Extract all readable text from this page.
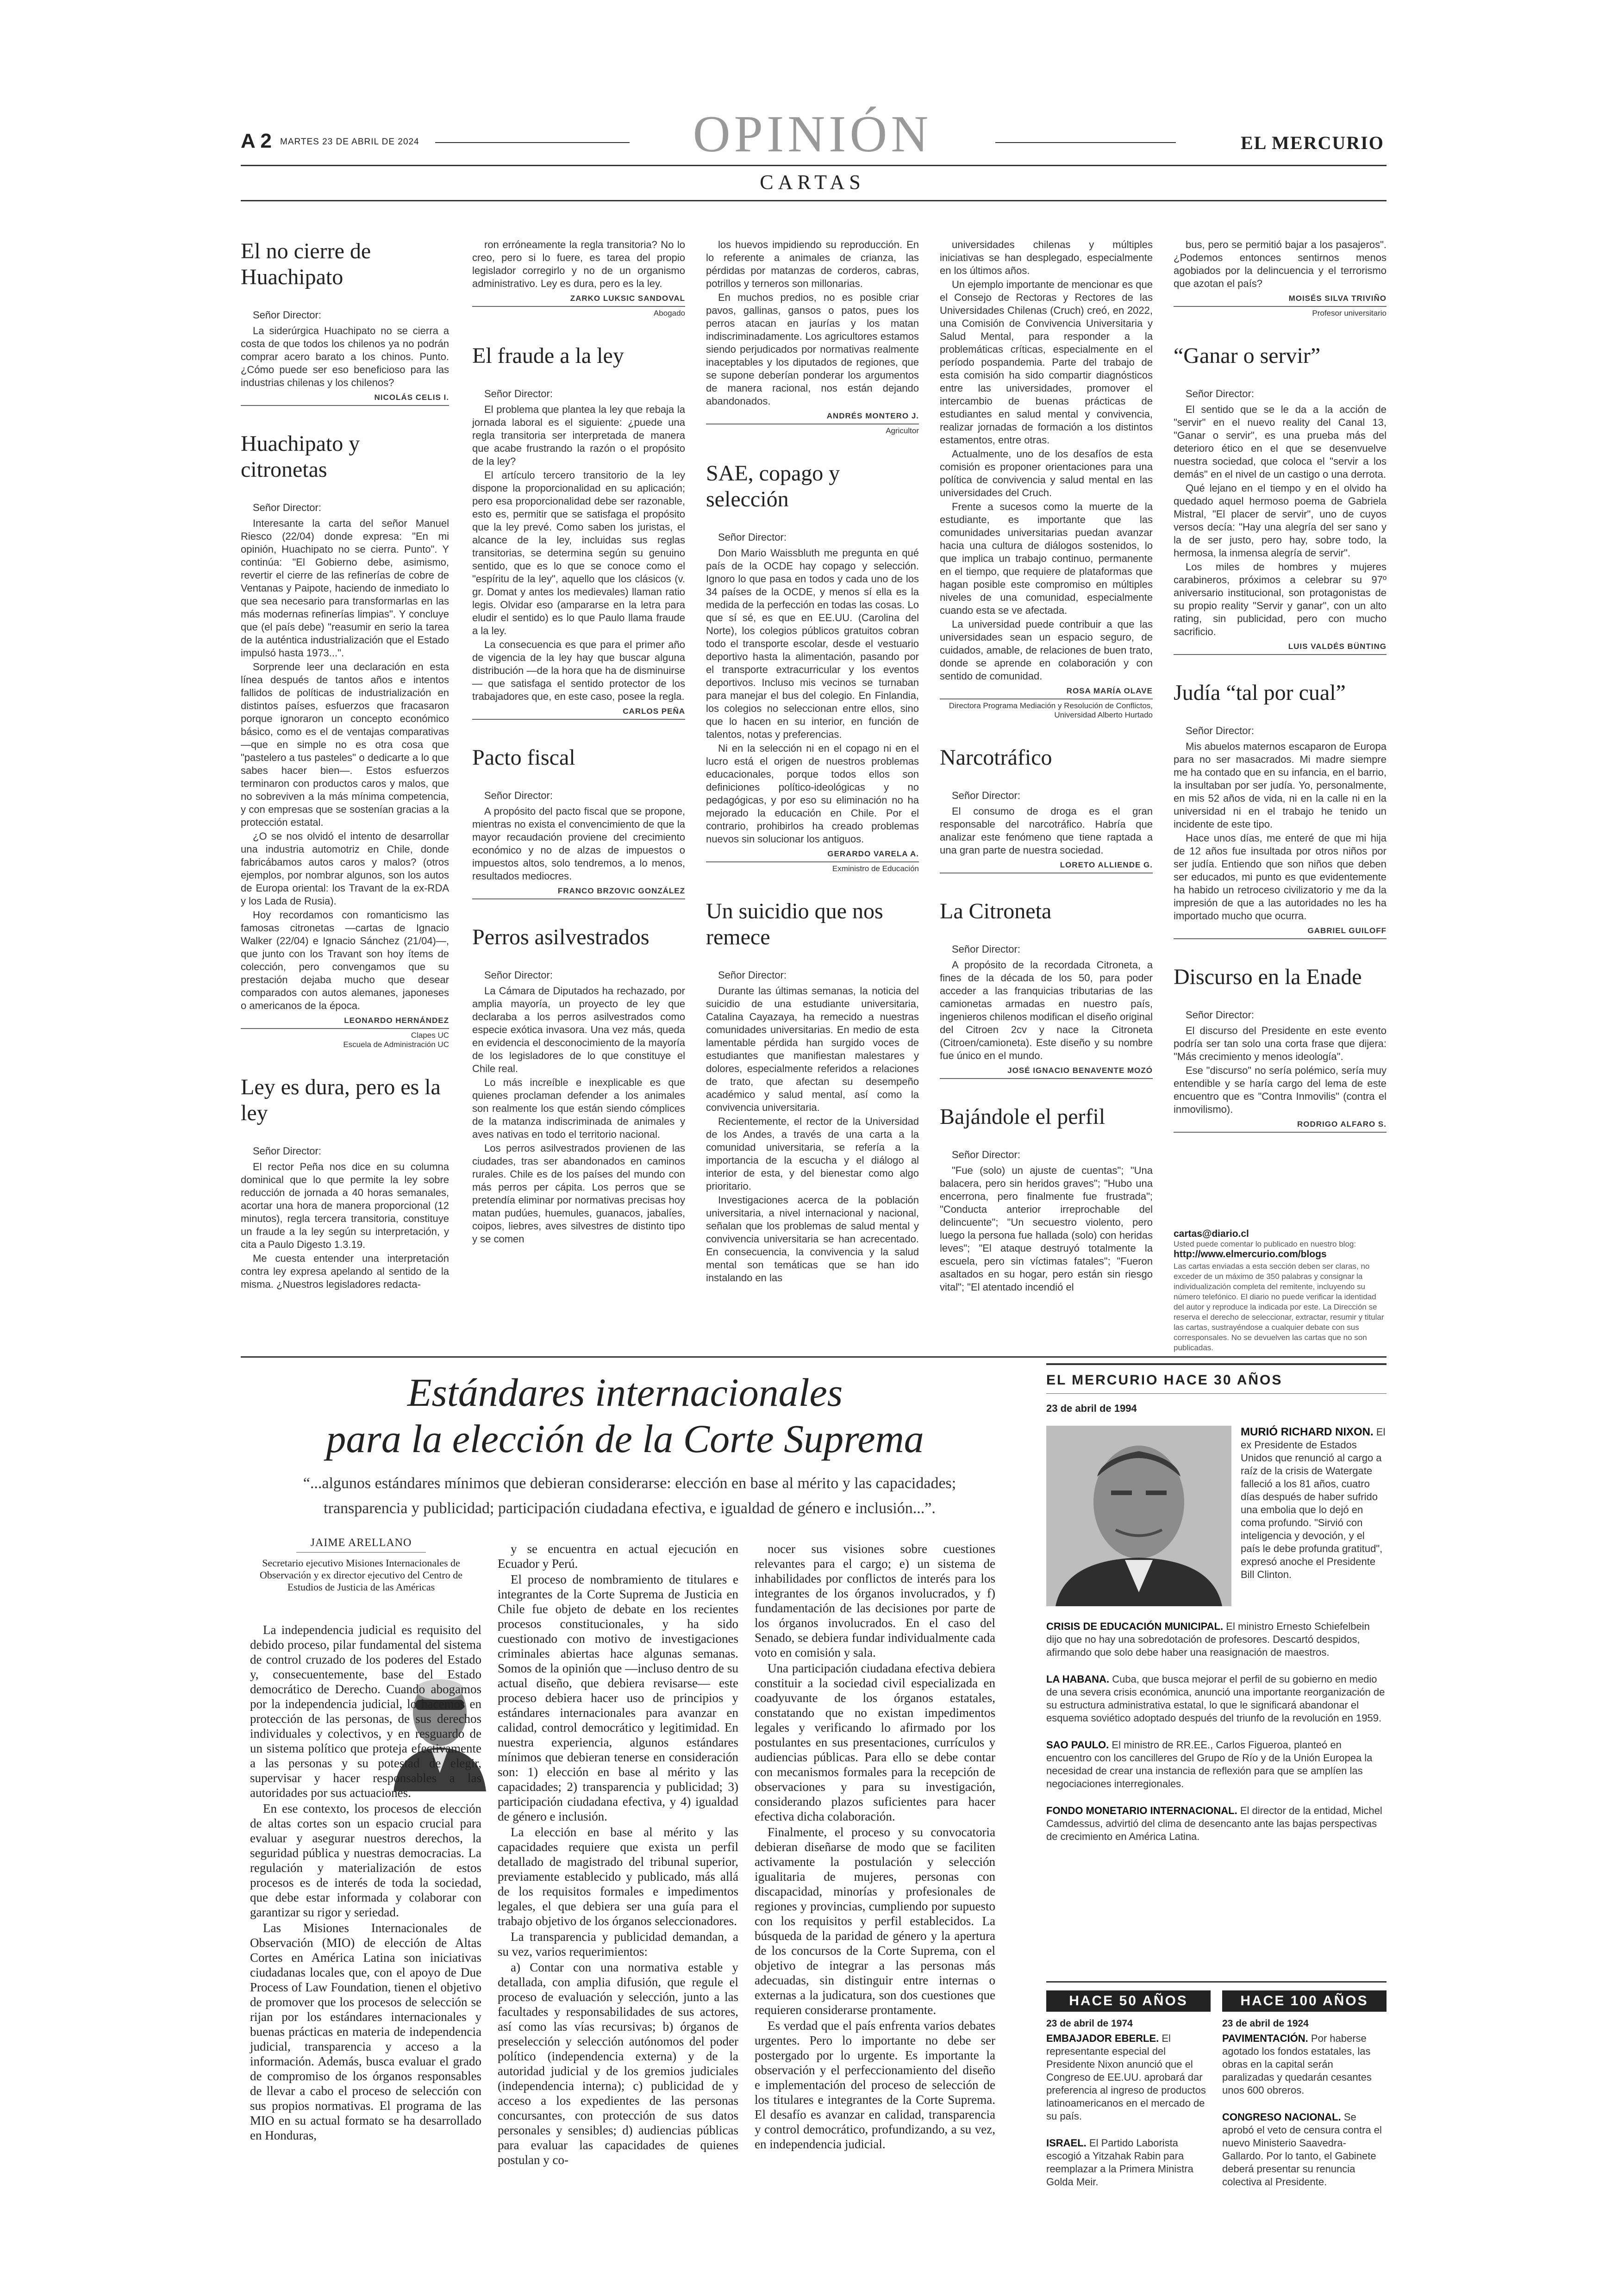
A 2 MARTES 23 DE ABRIL DE 2024	OPINIÓN	EL MERCURIO
CARTAS
El no cierre de Huachipato
Señor Director:

La siderúrgica Huachipato no se cierra a costa de que todos los chilenos ya no podrán comprar acero barato a los chinos. Punto. ¿Cómo puede ser eso beneficioso para las industrias chilenas y los chilenos?

NICOLÁS CELIS I.
Huachipato y citronetas
Señor Director:

Interesante la carta del señor Manuel Riesco (22/04) donde expresa: "En mi opinión, Huachipato no se cierra. Punto". Y continúa: "El Gobierno debe, asimismo, revertir el cierre de las refinerías de cobre de Ventanas y Paipote, haciendo de inmediato lo que sea necesario para transformarlas en las más modernas refinerías limpias". Y concluye que (el país debe) "reasumir en serio la tarea de la auténtica industrialización que el Estado impulsó hasta 1973...".

Sorprende leer una declaración en esta línea después de tantos años e intentos fallidos de políticas de industrialización en distintos países, esfuerzos que fracasaron porque ignoraron un concepto económico básico, como es el de ventajas comparativas —que en simple no es otra cosa que "pastelero a tus pasteles" o dedicarte a lo que sabes hacer bien—. Estos esfuerzos terminaron con productos caros y malos, que no sobreviven a la más mínima competencia, y con empresas que se sostenían gracias a la protección estatal.

¿O se nos olvidó el intento de desarrollar una industria automotriz en Chile, donde fabricábamos autos caros y malos? (otros ejemplos, por nombrar algunos, son los autos de Europa oriental: los Travant de la ex-RDA y los Lada de Rusia).

Hoy recordamos con romanticismo las famosas citronetas —cartas de Ignacio Walker (22/04) e Ignacio Sánchez (21/04)—, que junto con los Travant son hoy ítems de colección, pero convengamos que su prestación dejaba mucho que desear comparados con autos alemanes, japoneses o americanos de la época.

LEONARDO HERNÁNDEZ
Clapes UC
Escuela de Administración UC
Ley es dura, pero es la ley
Señor Director:

El rector Peña nos dice en su columna dominical que lo que permite la ley sobre reducción de jornada a 40 horas semanales, acortar una hora de manera proporcional (12 minutos), regla tercera transitoria, constituye un fraude a la ley según su interpretación, y cita a Paulo Digesto 1.3.19.

Me cuesta entender una interpretación contra ley expresa apelando al sentido de la misma. ¿Nuestros legisladores redacta-

ron erróneamente la regla transitoria? No lo creo, pero si lo fuere, es tarea del propio legislador corregirlo y no de un organismo administrativo. Ley es dura, pero es la ley.

ZARKO LUKSIC SANDOVAL
Abogado
El fraude a la ley
Señor Director:

El problema que plantea la ley que rebaja la jornada laboral es el siguiente: ¿puede una regla transitoria ser interpretada de manera que acabe frustrando la razón o el propósito de la ley?

El artículo tercero transitorio de la ley dispone la proporcionalidad en su aplicación; pero esa proporcionalidad debe ser razonable, esto es, permitir que se satisfaga el propósito que la ley prevé. Como saben los juristas, el alcance de la ley, incluidas sus reglas transitorias, se determina según su genuino sentido, que es lo que se conoce como el "espíritu de la ley", aquello que los clásicos (v. gr. Domat y antes los medievales) llaman ratio legis. Olvidar eso (ampararse en la letra para eludir el sentido) es lo que Paulo llama fraude a la ley.

La consecuencia es que para el primer año de vigencia de la ley hay que buscar alguna distribución —de la hora que ha de disminuirse— que satisfaga el sentido protector de los trabajadores que, en este caso, posee la regla.

CARLOS PEÑA
Pacto fiscal
Señor Director:

A propósito del pacto fiscal que se propone, mientras no exista el convencimiento de que la mayor recaudación proviene del crecimiento económico y no de alzas de impuestos o impuestos altos, solo tendremos, a lo menos, resultados mediocres.

FRANCO BRZOVIC GONZÁLEZ
Perros asilvestrados
Señor Director:

La Cámara de Diputados ha rechazado, por amplia mayoría, un proyecto de ley que declaraba a los perros asilvestrados como especie exótica invasora. Una vez más, queda en evidencia el desconocimiento de la mayoría de los legisladores de lo que constituye el Chile real.

Lo más increíble e inexplicable es que quienes proclaman defender a los animales son realmente los que están siendo cómplices de la matanza indiscriminada de animales y aves nativas en todo el territorio nacional.

Los perros asilvestrados provienen de las ciudades, tras ser abandonados en caminos rurales. Chile es de los países del mundo con más perros per cápita. Los perros que se pretendía eliminar por normativas precisas hoy matan pudúes, huemules, guanacos, jabalíes, coipos, liebres, aves silvestres de distinto tipo y se comen

los huevos impidiendo su reproducción. En lo referente a animales de crianza, las pérdidas por matanzas de corderos, cabras, potrillos y terneros son millonarias.

En muchos predios, no es posible criar pavos, gallinas, gansos o patos, pues los perros atacan en jaurías y los matan indiscriminadamente. Los agricultores estamos siendo perjudicados por normativas realmente inaceptables y los diputados de regiones, que se supone deberían ponderar los argumentos de manera racional, nos están dejando abandonados.

ANDRÉS MONTERO J.
Agricultor
SAE, copago y selección
Señor Director:

Don Mario Waissbluth me pregunta en qué país de la OCDE hay copago y selección. Ignoro lo que pasa en todos y cada uno de los 34 países de la OCDE, y menos sí ella es la medida de la perfección en todas las cosas. Lo que sí sé, es que en EE.UU. (Carolina del Norte), los colegios públicos gratuitos cobran todo el transporte escolar, desde el vestuario deportivo hasta la alimentación, pasando por el transporte extracurricular y los eventos deportivos. Incluso mis vecinos se turnaban para manejar el bus del colegio. En Finlandia, los colegios no seleccionan entre ellos, sino que lo hacen en su interior, en función de talentos, notas y preferencias.

Ni en la selección ni en el copago ni en el lucro está el origen de nuestros problemas educacionales, porque todos ellos son definiciones político-ideológicas y no pedagógicas, y por eso su eliminación no ha mejorado la educación en Chile. Por el contrario, prohibirlos ha creado problemas nuevos sin solucionar los antiguos.

GERARDO VARELA A.
Exministro de Educación
Un suicidio que nos remece
Señor Director:

Durante las últimas semanas, la noticia del suicidio de una estudiante universitaria, Catalina Cayazaya, ha remecido a nuestras comunidades universitarias. En medio de esta lamentable pérdida han surgido voces de estudiantes que manifiestan malestares y dolores, especialmente referidos a relaciones de trato, que afectan su desempeño académico y salud mental, así como la convivencia universitaria.

Recientemente, el rector de la Universidad de los Andes, a través de una carta a la comunidad universitaria, se refería a la importancia de la escucha y el diálogo al interior de esta, y del bienestar como algo prioritario.

Investigaciones acerca de la población universitaria, a nivel internacional y nacional, señalan que los problemas de salud mental y convivencia universitaria se han acrecentado. En consecuencia, la convivencia y la salud mental son temáticas que se han ido instalando en las

universidades chilenas y múltiples iniciativas se han desplegado, especialmente en los últimos años.

Un ejemplo importante de mencionar es que el Consejo de Rectoras y Rectores de las Universidades Chilenas (Cruch) creó, en 2022, una Comisión de Convivencia Universitaria y Salud Mental, para responder a la problemáticas críticas, especialmente en el período pospandemia. Parte del trabajo de esta comisión ha sido compartir diagnósticos entre las universidades, promover el intercambio de buenas prácticas de estudiantes en salud mental y convivencia, realizar jornadas de formación a los distintos estamentos, entre otras.

Actualmente, uno de los desafíos de esta comisión es proponer orientaciones para una política de convivencia y salud mental en las universidades del Cruch.

Frente a sucesos como la muerte de la estudiante, es importante que las comunidades universitarias puedan avanzar hacia una cultura de diálogos sostenidos, lo que implica un trabajo continuo, permanente en el tiempo, que requiere de plataformas que hagan posible este compromiso en múltiples niveles de una comunidad, especialmente cuando esta se ve afectada.

La universidad puede contribuir a que las universidades sean un espacio seguro, de cuidados, amable, de relaciones de buen trato, donde se aprende en colaboración y con sentido de comunidad.

ROSA MARÍA OLAVE
Directora Programa Mediación y Resolución de Conflictos, Universidad Alberto Hurtado
Narcotráfico
Señor Director:

El consumo de droga es el gran responsable del narcotráfico. Habría que analizar este fenómeno que tiene raptada a una gran parte de nuestra sociedad.

LORETO ALLIENDE G.
La Citroneta
Señor Director:

A propósito de la recordada Citroneta, a fines de la década de los 50, para poder acceder a las franquicias tributarias de las camionetas armadas en nuestro país, ingenieros chilenos modifican el diseño original del Citroen 2cv y nace la Citroneta (Citroen/camioneta). Este diseño y su nombre fue único en el mundo.

JOSÉ IGNACIO BENAVENTE MOZÓ
Bajándole el perfil
Señor Director:

"Fue (solo) un ajuste de cuentas"; "Una balacera, pero sin heridos graves"; "Hubo una encerrona, pero finalmente fue frustrada"; "Conducta anterior irreprochable del delincuente"; "Un secuestro violento, pero luego la persona fue hallada (solo) con heridas leves"; "El ataque destruyó totalmente la escuela, pero sin víctimas fatales"; "Fueron asaltados en su hogar, pero están sin riesgo vital"; "El atentado incendió el

bus, pero se permitió bajar a los pasajeros". ¿Podemos entonces sentirnos menos agobiados por la delincuencia y el terrorismo que azotan el país?

MOISÉS SILVA TRIVIÑO
Profesor universitario
“Ganar o servir”
Señor Director:

El sentido que se le da a la acción de "servir" en el nuevo reality del Canal 13, "Ganar o servir", es una prueba más del deterioro ético en el que se desenvuelve nuestra sociedad, que coloca el "servir a los demás" en el nivel de un castigo o una derrota.

Qué lejano en el tiempo y en el olvido ha quedado aquel hermoso poema de Gabriela Mistral, "El placer de servir", uno de cuyos versos decía: "Hay una alegría del ser sano y la de ser justo, pero hay, sobre todo, la hermosa, la inmensa alegría de servir".

Los miles de hombres y mujeres carabineros, próximos a celebrar su 97º aniversario institucional, son protagonistas de su propio reality "Servir y ganar", con un alto rating, sin publicidad, pero con mucho sacrificio.

LUIS VALDÉS BÜNTING
Judía “tal por cual”
Señor Director:

Mis abuelos maternos escaparon de Europa para no ser masacrados. Mi madre siempre me ha contado que en su infancia, en el barrio, la insultaban por ser judía. Yo, personalmente, en mis 52 años de vida, ni en la calle ni en la universidad ni en el trabajo he tenido un incidente de este tipo.

Hace unos días, me enteré de que mi hija de 12 años fue insultada por otros niños por ser judía. Entiendo que son niños que deben ser educados, mi punto es que evidentemente ha habido un retroceso civilizatorio y me da la impresión de que a las autoridades no les ha importado mucho que ocurra.

GABRIEL GUILOFF
Discurso en la Enade
Señor Director:

El discurso del Presidente en este evento podría ser tan solo una corta frase que dijera: "Más crecimiento y menos ideología".

Ese "discurso" no sería polémico, sería muy entendible y se haría cargo del lema de este encuentro que es "Contra Inmovilis" (contra el inmovilismo).

RODRIGO ALFARO S.
cartas@diario.cl
Usted puede comentar lo publicado en nuestro blog:
http://www.elmercurio.com/blogs
Las cartas enviadas a esta sección deben ser claras, no exceder de un máximo de 350 palabras y consignar la individualización completa del remitente, incluyendo su número telefónico. El diario no puede verificar la identidad del autor y reproduce la indicada por este. La Dirección se reserva el derecho de seleccionar, extractar, resumir y titular las cartas, sustrayéndose a cualquier debate con sus corresponsales. No se devuelven las cartas que no son publicadas.
Estándares internacionales
para la elección de la Corte Suprema
“...algunos estándares mínimos que debieran considerarse: elección en base al mérito y las capacidades; transparencia y publicidad; participación ciudadana efectiva, e igualdad de género e inclusión...”.
JAIME ARELLANO
Secretario ejecutivo Misiones Internacionales de Observación y ex director ejecutivo del Centro de Estudios de Justicia de las Américas

La independencia judicial es requisito del debido proceso, pilar fundamental del sistema de control cruzado de los poderes del Estado y, consecuentemente, base del Estado democrático de Derecho. Cuando abogamos por la independencia judicial, lo hacemos en protección de las personas, de sus derechos individuales y colectivos, y en resguardo de un sistema político que proteja efectivamente a las personas y su potestad de elegir, supervisar y hacer responsables a las autoridades por sus actuaciones.

En ese contexto, los procesos de elección de altas cortes son un espacio crucial para evaluar y asegurar nuestros derechos, la seguridad pública y nuestras democracias. La regulación y materialización de estos procesos es de interés de toda la sociedad, que debe estar informada y colaborar con garantizar su rigor y seriedad.

Las Misiones Internacionales de Observación (MIO) de elección de Altas Cortes en América Latina son iniciativas ciudadanas locales que, con el apoyo de Due Process of Law Foundation, tienen el objetivo de promover que los procesos de selección se rijan por los estándares internacionales y buenas prácticas en materia de independencia judicial, transparencia y acceso a la información. Además, busca evaluar el grado de compromiso de los órganos responsables de llevar a cabo el proceso de selección con sus propios normativas. El programa de las MIO en su actual formato se ha desarrollado en Honduras,

y se encuentra en actual ejecución en Ecuador y Perú.

El proceso de nombramiento de titulares e integrantes de la Corte Suprema de Justicia en Chile fue objeto de debate en los recientes procesos constitucionales, y ha sido cuestionado con motivo de investigaciones criminales abiertas hace algunas semanas. Somos de la opinión que —incluso dentro de su actual diseño, que debiera revisarse— este proceso debiera hacer uso de principios y estándares internacionales para avanzar en calidad, control democrático y legitimidad. En nuestra experiencia, algunos estándares mínimos que debieran tenerse en consideración son: 1) elección en base al mérito y las capacidades; 2) transparencia y publicidad; 3) participación ciudadana efectiva, y 4) igualdad de género e inclusión.

La elección en base al mérito y las capacidades requiere que exista un perfil detallado de magistrado del tribunal superior, previamente establecido y publicado, más allá de los requisitos formales e impedimentos legales, el que debiera ser una guía para el trabajo objetivo de los órganos seleccionadores.

La transparencia y publicidad demandan, a su vez, varios requerimientos:

a) Contar con una normativa estable y detallada, con amplia difusión, que regule el proceso de evaluación y selección, junto a las facultades y responsabilidades de sus actores, así como las vías recursivas; b) órganos de preselección y selección autónomos del poder político (independencia externa) y de la autoridad judicial y de los gremios judiciales (independencia interna); c) publicidad de y acceso a los expedientes de las personas concursantes, con protección de sus datos personales y sensibles; d) audiencias públicas para evaluar las capacidades de quienes postulan y co-

nocer sus visiones sobre cuestiones relevantes para el cargo; e) un sistema de inhabilidades por conflictos de interés para los integrantes de los órganos involucrados, y f) fundamentación de las decisiones por parte de los órganos involucrados. En el caso del Senado, se debiera fundar individualmente cada voto en comisión y sala.

Una participación ciudadana efectiva debiera constituir a la sociedad civil especializada en coadyuvante de los órganos estatales, constatando que no existan impedimentos legales y verificando lo afirmado por los postulantes en sus presentaciones, currículos y audiencias públicas. Para ello se debe contar con mecanismos formales para la recepción de observaciones y para su investigación, considerando plazos suficientes para hacer efectiva dicha colaboración.

Finalmente, el proceso y su convocatoria debieran diseñarse de modo que se faciliten activamente la postulación y selección igualitaria de mujeres, personas con discapacidad, minorías y profesionales de regiones y provincias, cumpliendo por supuesto con los requisitos y perfil establecidos. La búsqueda de la paridad de género y la apertura de los concursos de la Corte Suprema, con el objetivo de integrar a las personas más adecuadas, sin distinguir entre internas o externas a la judicatura, son dos cuestiones que requieren considerarse prontamente.

Es verdad que el país enfrenta varios debates urgentes. Pero lo importante no debe ser postergado por lo urgente. Es importante la observación y el perfeccionamiento del diseño e implementación del proceso de selección de los titulares e integrantes de la Corte Suprema. El desafío es avanzar en calidad, transparencia y control democrático, profundizando, a su vez, en independencia judicial.

EL MERCURIO HACE 30 AÑOS
23 de abril de 1994

MURIÓ RICHARD NIXON. El ex Presidente de Estados Unidos que renunció al cargo a raíz de la crisis de Watergate falleció a los 81 años, cuatro días después de haber sufrido una embolia que lo dejó en coma profundo. "Sirvió con inteligencia y devoción, y el país le debe profunda gratitud", expresó anoche el Presidente Bill Clinton.

CRISIS DE EDUCACIÓN MUNICIPAL. El ministro Ernesto Schiefelbein dijo que no hay una sobredotación de profesores. Descartó despidos, afirmando que solo debe haber una reasignación de maestros.

LA HABANA. Cuba, que busca mejorar el perfil de su gobierno en medio de una severa crisis económica, anunció una importante reorganización de su estructura administrativa estatal, lo que le significará abandonar el esquema soviético adoptado después del triunfo de la revolución en 1959.

SAO PAULO. El ministro de RR.EE., Carlos Figueroa, planteó en encuentro con los cancilleres del Grupo de Río y de la Unión Europea la necesidad de crear una instancia de reflexión para que se amplíen las negociaciones interregionales.

FONDO MONETARIO INTERNACIONAL. El director de la entidad, Michel Camdessus, advirtió del clima de desencanto ante las bajas perspectivas de crecimiento en América Latina.

HACE 50 AÑOS
23 de abril de 1974

EMBAJADOR EBERLE. El representante especial del Presidente Nixon anunció que el Congreso de EE.UU. aprobará dar preferencia al ingreso de productos latinoamericanos en el mercado de su país.

ISRAEL. El Partido Laborista escogió a Yitzahak Rabin para reemplazar a la Primera Ministra Golda Meir.

HACE 100 AÑOS
23 de abril de 1924

PAVIMENTACIÓN. Por haberse agotado los fondos estatales, las obras en la capital serán paralizadas y quedarán cesantes unos 600 obreros.

CONGRESO NACIONAL. Se aprobó el veto de censura contra el nuevo Ministerio Saavedra-Gallardo. Por lo tanto, el Gabinete deberá presentar su renuncia colectiva al Presidente.
